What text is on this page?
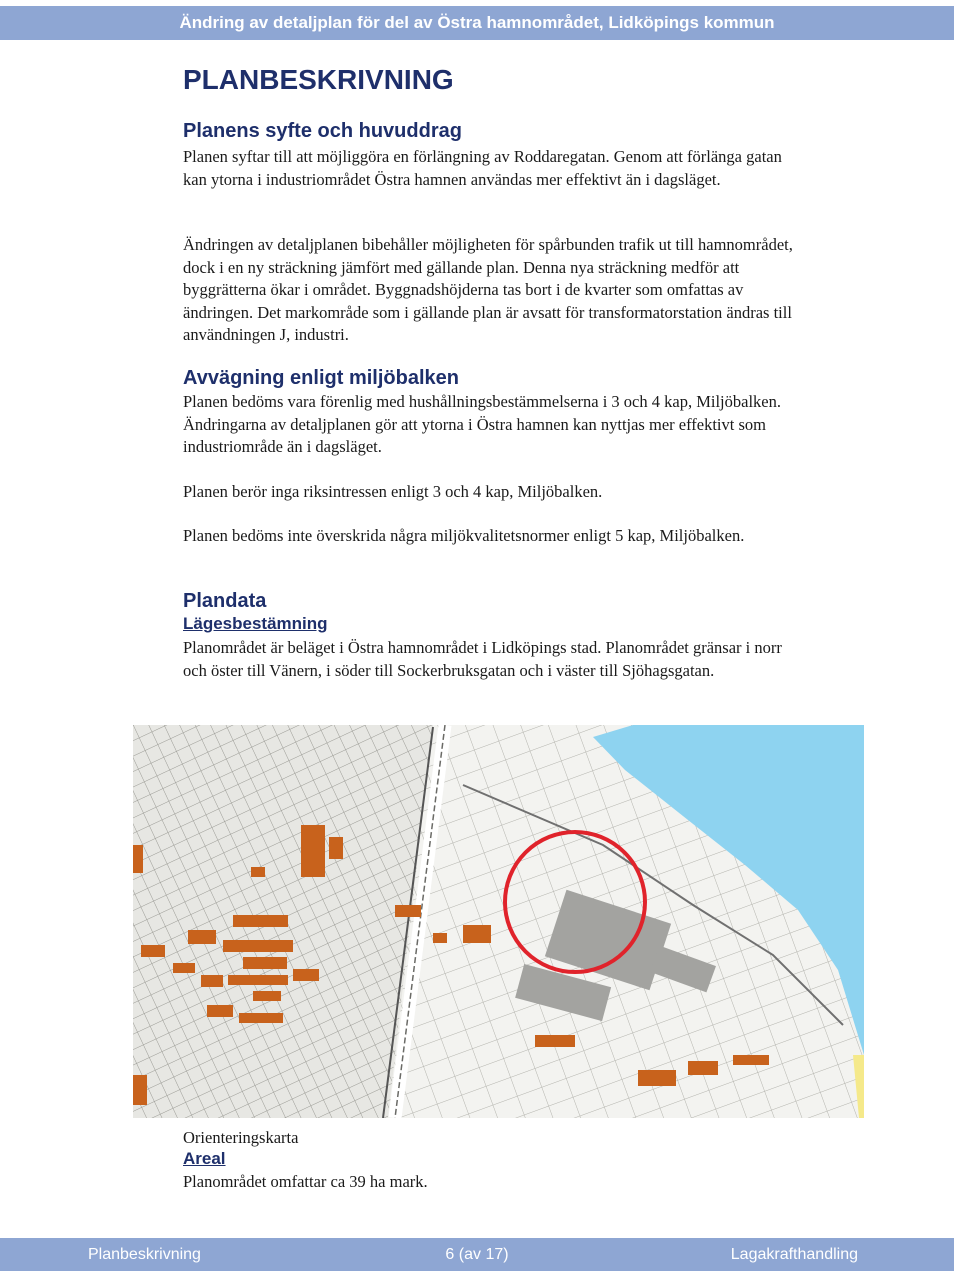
Ändring av detaljplan för del av Östra hamnområdet, Lidköpings kommun
PLANBESKRIVNING
Planens syfte och huvuddrag

Planen syftar till att möjliggöra en förlängning av Roddaregatan. Genom att förlänga gatan kan ytorna i industriområdet Östra hamnen användas mer effektivt än i dagsläget.

Ändringen av detaljplanen bibehåller möjligheten för spårbunden trafik ut till hamnområdet, dock i en ny sträckning jämfört med gällande plan. Denna nya sträckning medför att byggrätterna ökar i området. Byggnadshöjderna tas bort i de kvarter som omfattas av ändringen. Det markområde som i gällande plan är avsatt för transformatorstation ändras till användningen J, industri.

Avvägning enligt miljöbalken

Planen bedöms vara förenlig med hushållningsbestämmelserna i 3 och 4 kap, Miljöbalken. Ändringarna av detaljplanen gör att ytorna i Östra hamnen kan nyttjas mer effektivt som industriområde än i dagsläget.

Planen berör inga riksintressen enligt 3 och 4 kap, Miljöbalken.

Planen bedöms inte överskrida några miljökvalitetsnormer enligt 5 kap, Miljöbalken.

Plandata
Lägesbestämning

Planområdet är beläget i Östra hamnområdet i Lidköpings stad. Planområdet gränsar i norr och öster till Vänern, i söder till Sockerbruksgatan och i väster till Sjöhagsgatan.

Orienteringskarta

Areal

Planområdet omfattar ca 39 ha mark.

Planbeskrivning	6 (av 17)	Lagakrafthandling
